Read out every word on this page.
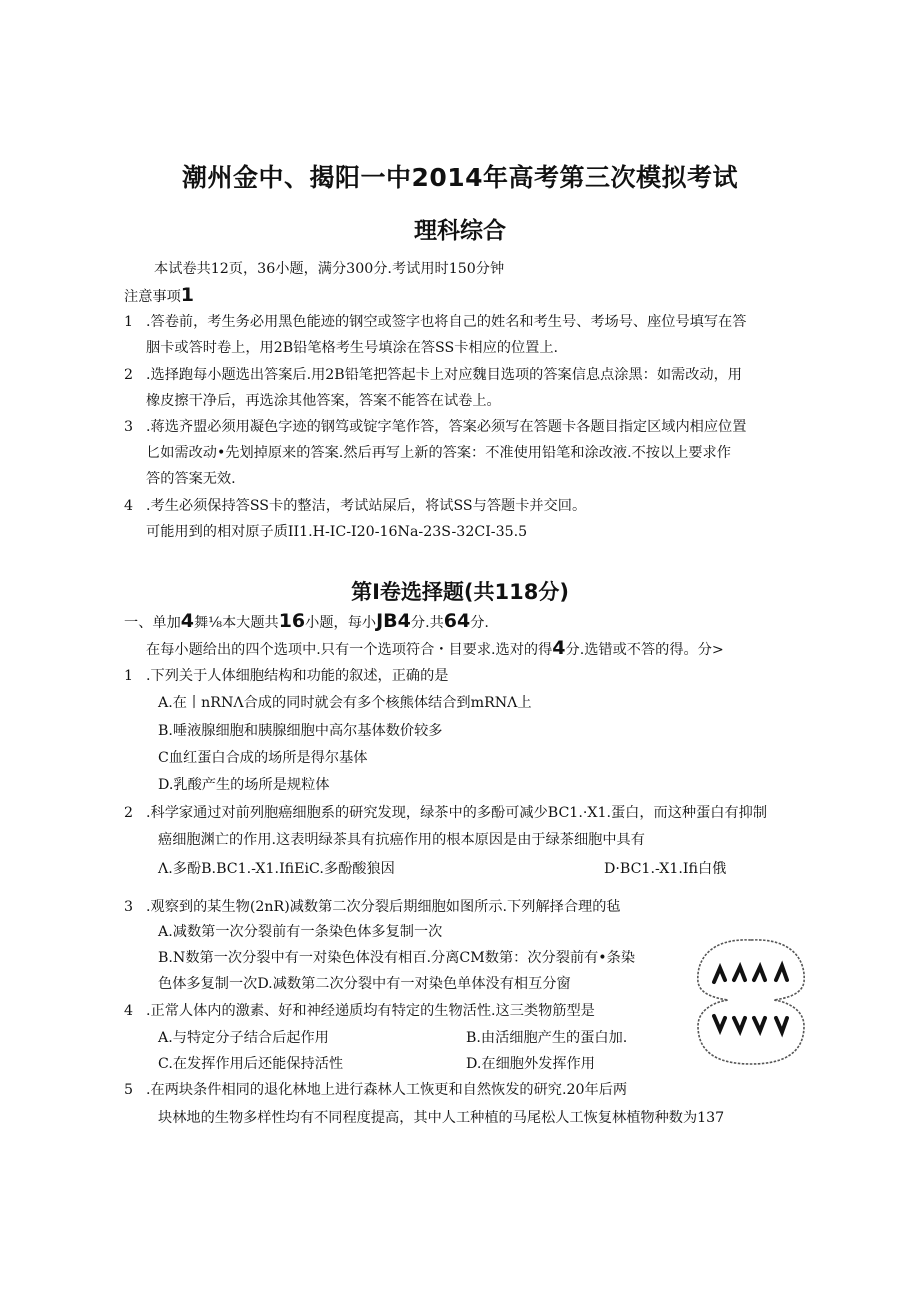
潮州金中、揭阳一中2014年高考第三次模拟考试
理科综合
本试卷共12页，36小题，满分300分.考试用时150分钟
注意事项1
1 .答卷前，考生务必用黑色能迹的钢空或签字也将自己的姓名和考生号、考场号、座位号填写在答
胭卡或答时卷上，用2B铅笔格考生号填涂在答SS卡相应的位置上.
2 .选择跑每小题选出答案后.用2B铅笔把答起卡上对应魏目选项的答案信息点涂黑：如需改动，用
橡皮擦干净后，再选涂其他答案，答案不能答在试卷上。
3 .蒋选齐盟必须用凝色字迹的钢笃或锭字笔作答，答案必须写在答题卡各题目指定区域内相应位置
匕如需改动•先划掉原来的答案.然后再写上新的答案：不准使用铅笔和涂改液.不按以上要求作
答的答案无效.
4 .考生必须保持答SS卡的整洁，考试站屎后，将试SS与答题卡并交回。
可能用到的相对原子质II1.H-IC-I20-16Na-23S-32CI-35.5
第I卷选择题(共118分)
一、单加4舞⅛本大题共16小题，每小JB4分.共64分.
在每小题给出的四个选项中.只有一个选项符合・目要求.选对的得4分.选错或不答的得。分>
1 .下列关于人体细胞结构和功能的叙述，正确的是
A.在丨nRNΛ合成的同时就会有多个核熊体结合到mRNΛ上
B.唾液腺细胞和胰腺细胞中高尔基体数价较多
C血红蛋白合成的场所是得尔基体
D.乳酸产生的场所是规粒体
2 .科学家通过对前列胞癌细胞系的研究发现，绿茶中的多酚可减少BC1.·X1.蛋白，而这种蛋白有抑制
癌细胞渊亡的作用.这表明绿茶具有抗癌作用的根本原因是由于绿茶细胞中具有
Λ.多酚B.BC1.-X1.IfiEiC.多酚酸狼因	D·BC1.-X1.Ifi白俄
3 .观察到的某生物(2nR)减数第二次分裂后期细胞如图所示.下列解择合理的毡
A.减数第一次分裂前有一条染色体多复制一次
B.N数第一次分裂中有一对染色体没有相百.分离CM数第：次分裂前有•条染
色体多复制一次D.减数第二次分裂中有一对染色单体没有相互分窗
4 .正常人体内的激素、好和神经递质均有特定的生物活性.这三类物筋型是
A.与特定分子结合后起作用	B.由活细胞产生的蛋白加.
C.在发挥作用后还能保持活性	D.在细胞外发挥作用
5 .在两块条件相同的退化林地上进行森林人工恢更和自然恢发的研究.20年后两
块林地的生物多样性均有不同程度提高，其中人工种植的马尾松人工恢复林植物种数为137
